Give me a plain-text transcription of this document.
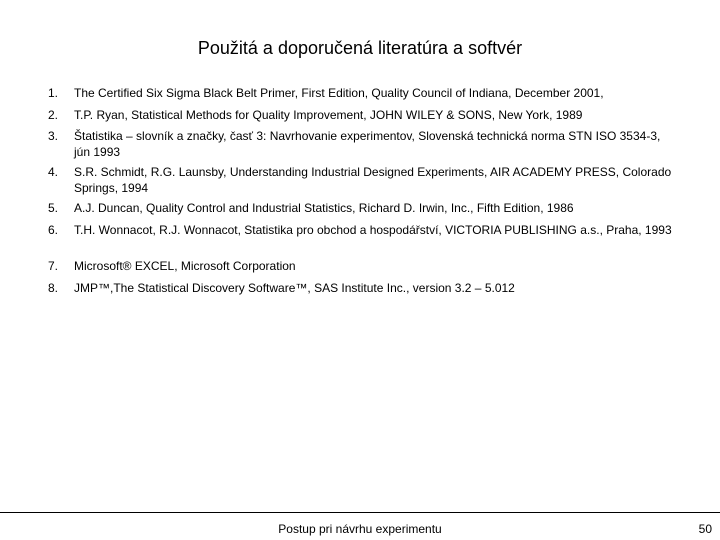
Použitá a doporučená literatúra a softvér
1.	The Certified Six Sigma Black Belt Primer, First Edition, Quality Council of Indiana, December 2001,
2.	T.P. Ryan, Statistical Methods for Quality Improvement, JOHN WILEY & SONS, New York, 1989
3.	Štatistika – slovník a značky, časť 3: Navrhovanie experimentov, Slovenská technická norma STN ISO 3534-3, jún 1993
4.	S.R. Schmidt, R.G. Launsby, Understanding Industrial Designed Experiments, AIR ACADEMY PRESS, Colorado Springs, 1994
5.	A.J. Duncan, Quality Control and Industrial Statistics, Richard D. Irwin, Inc., Fifth Edition, 1986
6.	T.H. Wonnacot, R.J. Wonnacot, Statistika pro obchod a hospodářství, VICTORIA PUBLISHING a.s., Praha, 1993
7.	Microsoft® EXCEL, Microsoft Corporation
8.	JMP™,The Statistical Discovery Software™, SAS Institute Inc., version 3.2 – 5.012
Postup pri návrhu experimentu	50
